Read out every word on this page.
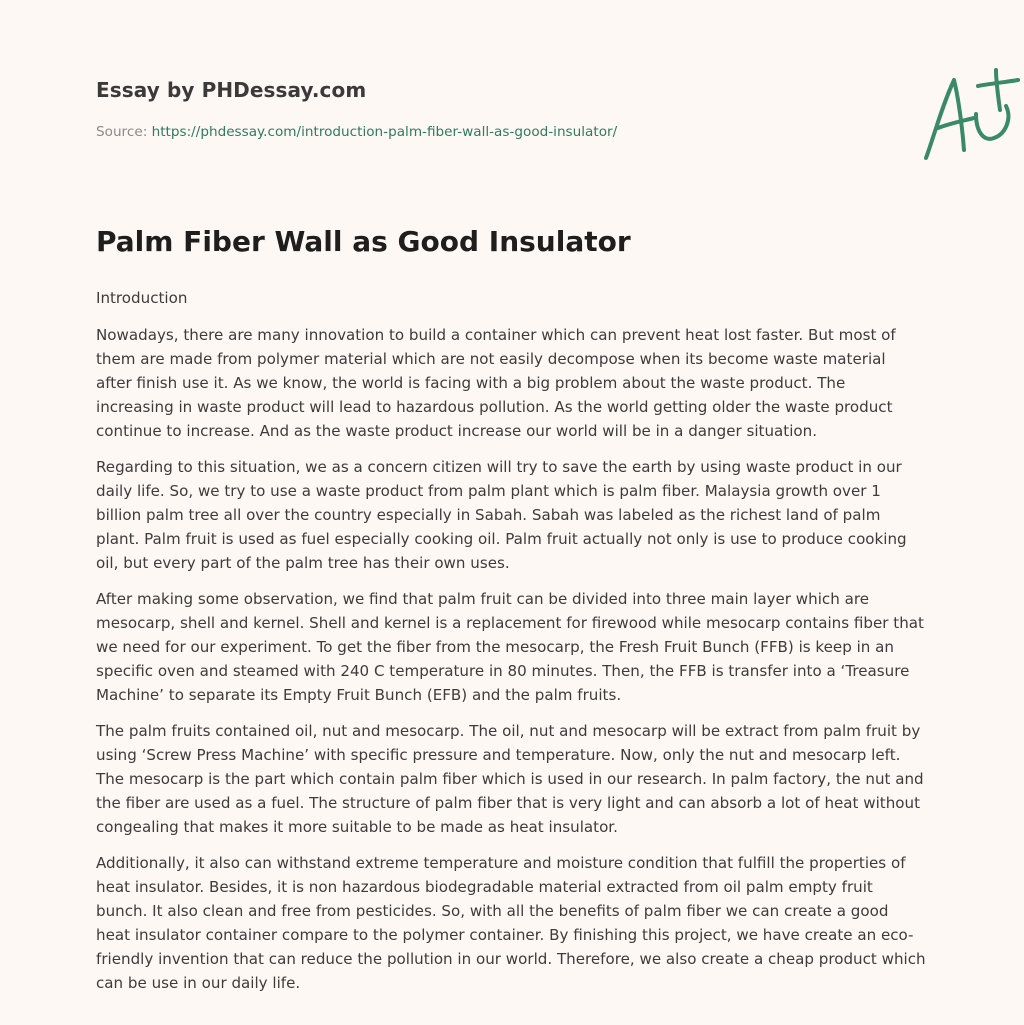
Essay by PHDessay.com
Source: https://phdessay.com/introduction-palm-fiber-wall-as-good-insulator/
Palm Fiber Wall as Good Insulator

Introduction

Nowadays, there are many innovation to build a container which can prevent heat lost faster. But most of them are made from polymer material which are not easily decompose when its become waste material after finish use it. As we know, the world is facing with a big problem about the waste product. The increasing in waste product will lead to hazardous pollution. As the world getting older the waste product continue to increase. And as the waste product increase our world will be in a danger situation.

Regarding to this situation, we as a concern citizen will try to save the earth by using waste product in our daily life. So, we try to use a waste product from palm plant which is palm fiber. Malaysia growth over 1 billion palm tree all over the country especially in Sabah. Sabah was labeled as the richest land of palm plant. Palm fruit is used as fuel especially cooking oil. Palm fruit actually not only is use to produce cooking oil, but every part of the palm tree has their own uses.

After making some observation, we find that palm fruit can be divided into three main layer which are mesocarp, shell and kernel. Shell and kernel is a replacement for firewood while mesocarp contains fiber that we need for our experiment. To get the fiber from the mesocarp, the Fresh Fruit Bunch (FFB) is keep in an specific oven and steamed with 240 C temperature in 80 minutes. Then, the FFB is transfer into a ‘Treasure Machine’ to separate its Empty Fruit Bunch (EFB) and the palm fruits.

The palm fruits contained oil, nut and mesocarp. The oil, nut and mesocarp will be extract from palm fruit by using ‘Screw Press Machine’ with specific pressure and temperature. Now, only the nut and mesocarp left. The mesocarp is the part which contain palm fiber which is used in our research. In palm factory, the nut and the fiber are used as a fuel. The structure of palm fiber that is very light and can absorb a lot of heat without congealing that makes it more suitable to be made as heat insulator.

Additionally, it also can withstand extreme temperature and moisture condition that fulfill the properties of heat insulator. Besides, it is non hazardous biodegradable material extracted from oil palm empty fruit bunch. It also clean and free from pesticides. So, with all the benefits of palm fiber we can create a good heat insulator container compare to the polymer container. By finishing this project, we have create an eco-friendly invention that can reduce the pollution in our world. Therefore, we also create a cheap product which can be use in our daily life.
